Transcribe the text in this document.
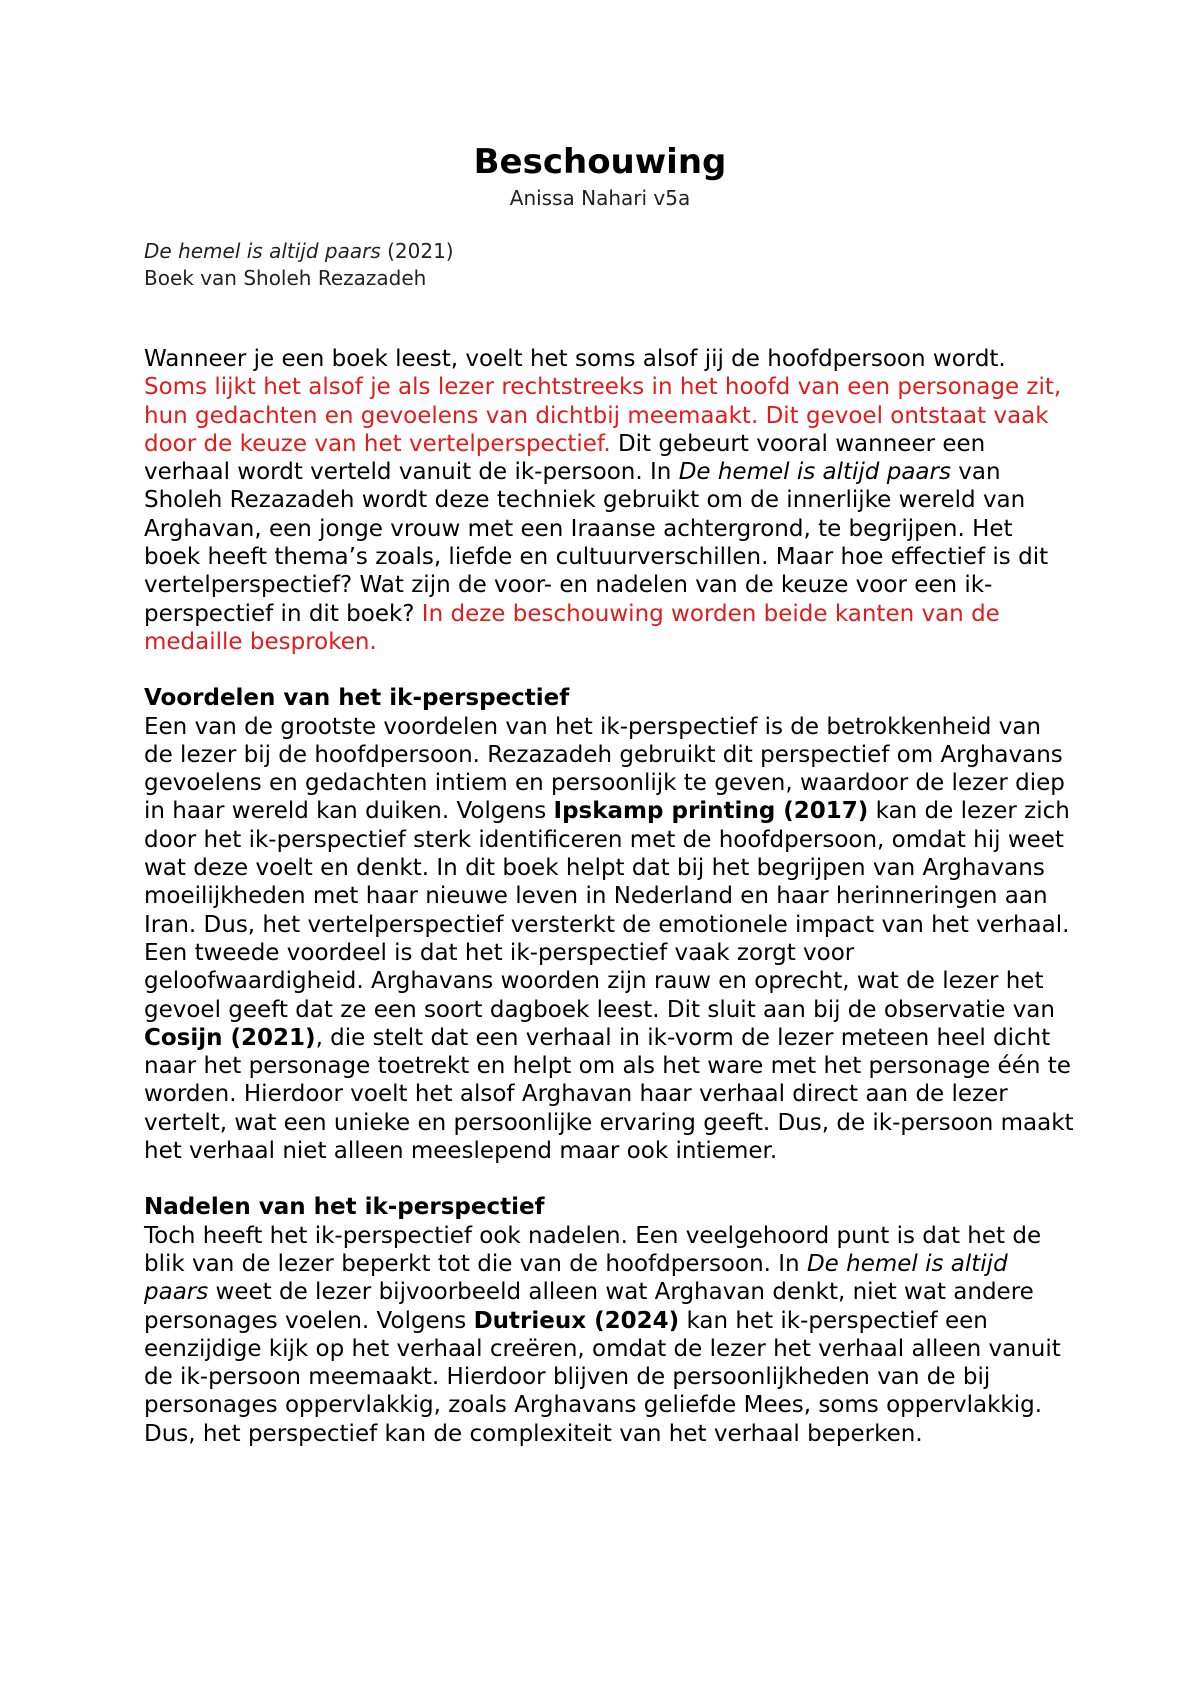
Beschouwing
Anissa Nahari v5a
De hemel is altijd paars (2021)
Boek van Sholeh Rezazadeh

Wanneer je een boek leest, voelt het soms alsof jij de hoofdpersoon wordt. Soms lijkt het alsof je als lezer rechtstreeks in het hoofd van een personage zit, hun gedachten en gevoelens van dichtbij meemaakt. Dit gevoel ontstaat vaak door de keuze van het vertelperspectief. Dit gebeurt vooral wanneer een verhaal wordt verteld vanuit de ik-persoon. In De hemel is altijd paars van Sholeh Rezazadeh wordt deze techniek gebruikt om de innerlijke wereld van Arghavan, een jonge vrouw met een Iraanse achtergrond, te begrijpen. Het boek heeft thema’s zoals, liefde en cultuurverschillen. Maar hoe effectief is dit vertelperspectief? Wat zijn de voor- en nadelen van de keuze voor een ik-perspectief in dit boek? In deze beschouwing worden beide kanten van de medaille besproken.

Voordelen van het ik-perspectief

Een van de grootste voordelen van het ik-perspectief is de betrokkenheid van de lezer bij de hoofdpersoon. Rezazadeh gebruikt dit perspectief om Arghavans gevoelens en gedachten intiem en persoonlijk te geven, waardoor de lezer diep in haar wereld kan duiken. Volgens Ipskamp printing (2017) kan de lezer zich door het ik-perspectief sterk identificeren met de hoofdpersoon, omdat hij weet wat deze voelt en denkt. In dit boek helpt dat bij het begrijpen van Arghavans moeilijkheden met haar nieuwe leven in Nederland en haar herinneringen aan Iran. Dus, het vertelperspectief versterkt de emotionele impact van het verhaal.

Een tweede voordeel is dat het ik-perspectief vaak zorgt voor geloofwaardigheid. Arghavans woorden zijn rauw en oprecht, wat de lezer het gevoel geeft dat ze een soort dagboek leest. Dit sluit aan bij de observatie van Cosijn (2021), die stelt dat een verhaal in ik-vorm de lezer meteen heel dicht naar het personage toetrekt en helpt om als het ware met het personage één te worden. Hierdoor voelt het alsof Arghavan haar verhaal direct aan de lezer vertelt, wat een unieke en persoonlijke ervaring geeft. Dus, de ik-persoon maakt het verhaal niet alleen meeslepend maar ook intiemer.

Nadelen van het ik-perspectief

Toch heeft het ik-perspectief ook nadelen. Een veelgehoord punt is dat het de blik van de lezer beperkt tot die van de hoofdpersoon. In De hemel is altijd paars weet de lezer bijvoorbeeld alleen wat Arghavan denkt, niet wat andere personages voelen. Volgens Dutrieux (2024) kan het ik-perspectief een eenzijdige kijk op het verhaal creëren, omdat de lezer het verhaal alleen vanuit de ik-persoon meemaakt. Hierdoor blijven de persoonlijkheden van de bij personages oppervlakkig, zoals Arghavans geliefde Mees, soms oppervlakkig. Dus, het perspectief kan de complexiteit van het verhaal beperken.
